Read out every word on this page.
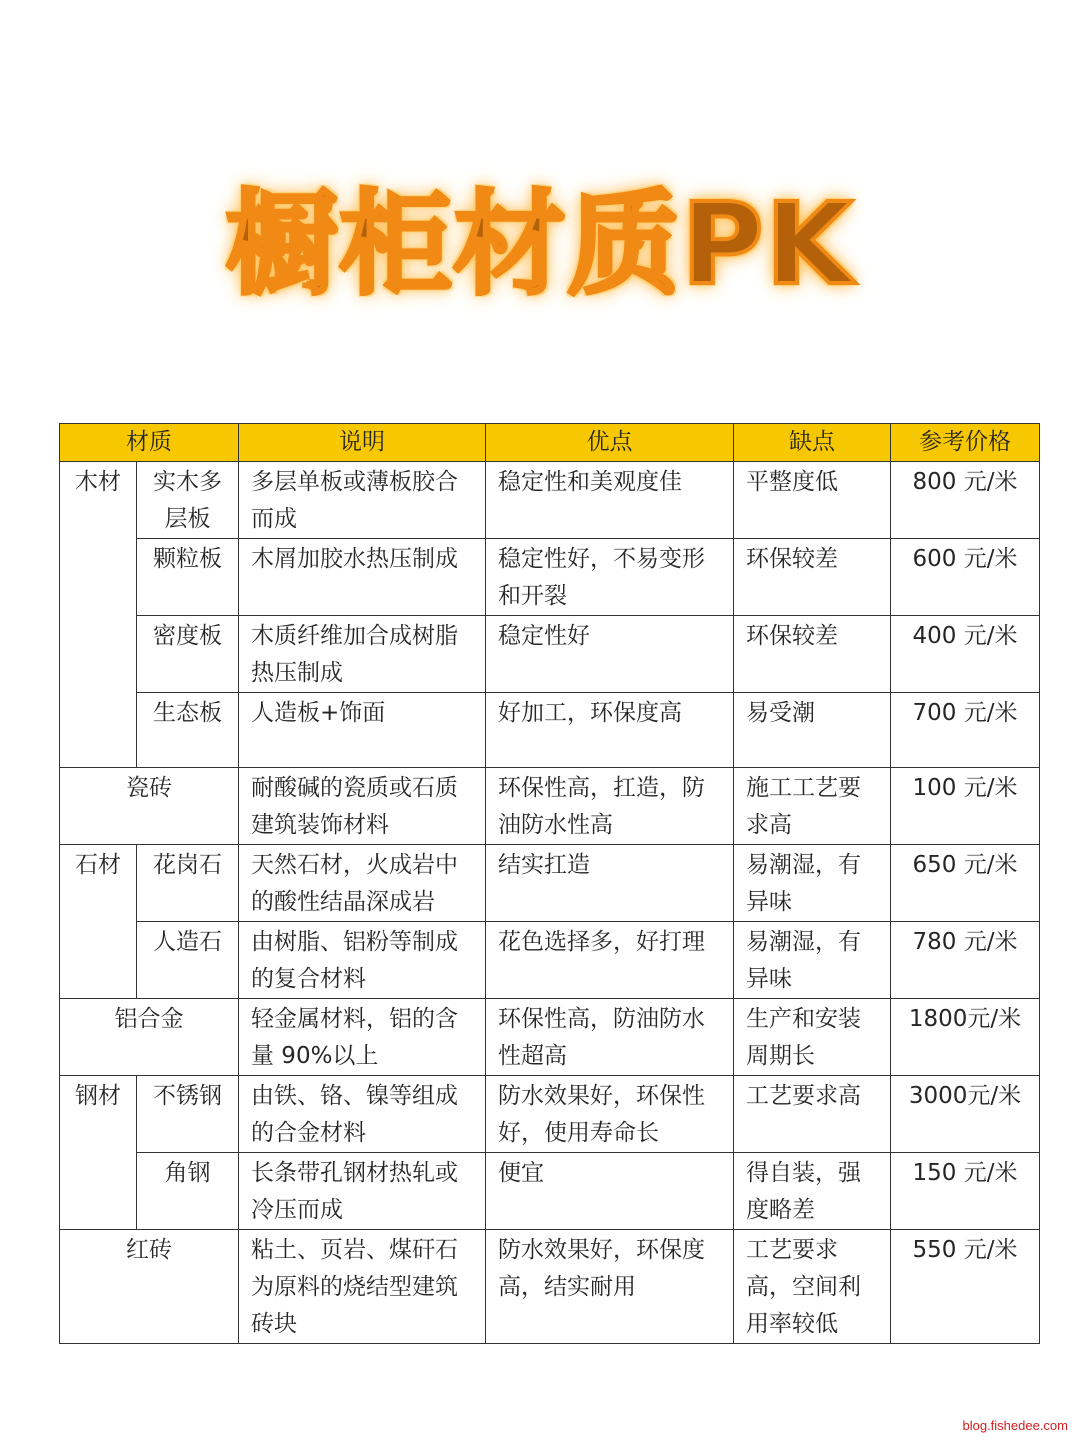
橱柜材质PK
材质		说明	优点	缺点	参考价格
木材	实木多层板	多层单板或薄板胶合而成	稳定性和美观度佳	平整度低	800 元/米
	颗粒板	木屑加胶水热压制成	稳定性好，不易变形和开裂	环保较差	600 元/米
	密度板	木质纤维加合成树脂热压制成	稳定性好	环保较差	400 元/米
	生态板	人造板+饰面	好加工，环保度高	易受潮	700 元/米
瓷砖		耐酸碱的瓷质或石质建筑装饰材料	环保性高，扛造，防油防水性高	施工工艺要求高	100 元/米
石材	花岗石	天然石材，火成岩中的酸性结晶深成岩	结实扛造	易潮湿，有异味	650 元/米
	人造石	由树脂、铝粉等制成的复合材料	花色选择多，好打理	易潮湿，有异味	780 元/米
铝合金		轻金属材料，铝的含量 90%以上	环保性高，防油防水性超高	生产和安装周期长	1800元/米
钢材	不锈钢	由铁、铬、镍等组成的合金材料	防水效果好，环保性好，使用寿命长	工艺要求高	3000元/米
	角钢	长条带孔钢材热轧或冷压而成	便宜	得自装，强度略差	150 元/米
红砖		粘土、页岩、煤矸石为原料的烧结型建筑砖块	防水效果好，环保度高，结实耐用	工艺要求高，空间利用率较低	550 元/米
blog.fishedee.com
